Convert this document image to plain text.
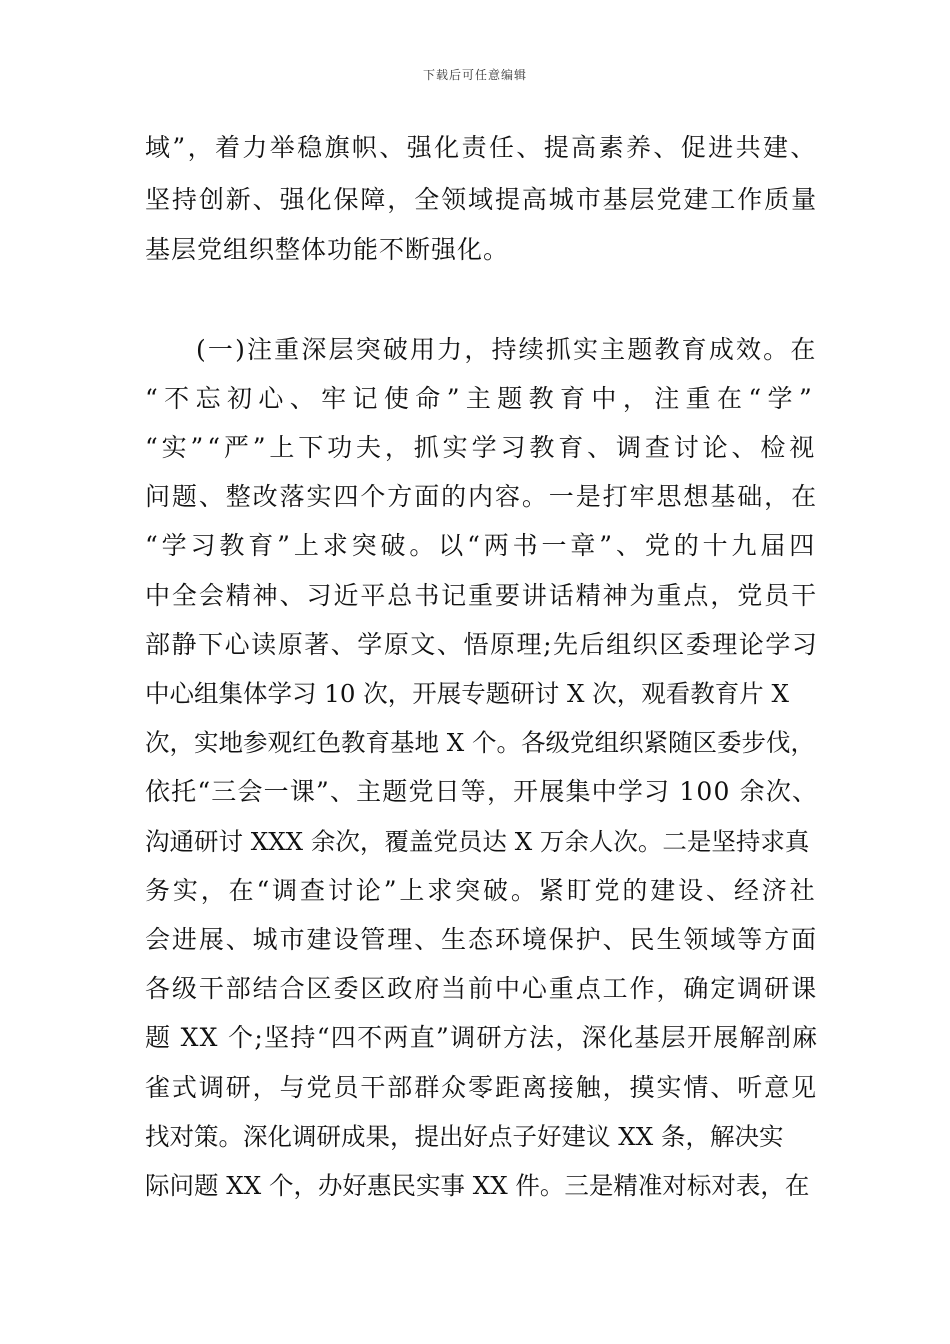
下载后可任意编辑
域”，着力举稳旗帜、强化责任、提高素养、促进共建、
坚持创新、强化保障，全领域提高城市基层党建工作质量
基层党组织整体功能不断强化。
(一)注重深层突破用力，持续抓实主题教育成效。在
“不忘初心、牢记使命”主题教育中，注重在“学”
“实”“严”上下功夫，抓实学习教育、调查讨论、检视
问题、整改落实四个方面的内容。一是打牢思想基础，在
“学习教育”上求突破。以“两书一章”、党的十九届四
中全会精神、习近平总书记重要讲话精神为重点，党员干
部静下心读原著、学原文、悟原理;先后组织区委理论学习
中心组集体学习 10 次，开展专题研讨 X 次，观看教育片 X
次，实地参观红色教育基地 X 个。各级党组织紧随区委步伐，
依托“三会一课”、主题党日等，开展集中学习 100 余次、
沟通研讨 XXX 余次，覆盖党员达 X 万余人次。二是坚持求真
务实，在“调查讨论”上求突破。紧盯党的建设、经济社
会进展、城市建设管理、生态环境保护、民生领域等方面
各级干部结合区委区政府当前中心重点工作，确定调研课
题 XX 个;坚持“四不两直”调研方法，深化基层开展解剖麻
雀式调研，与党员干部群众零距离接触，摸实情、听意见
找对策。深化调研成果，提出好点子好建议 XX 条，解决实
际问题 XX 个，办好惠民实事 XX 件。三是精准对标对表，在
